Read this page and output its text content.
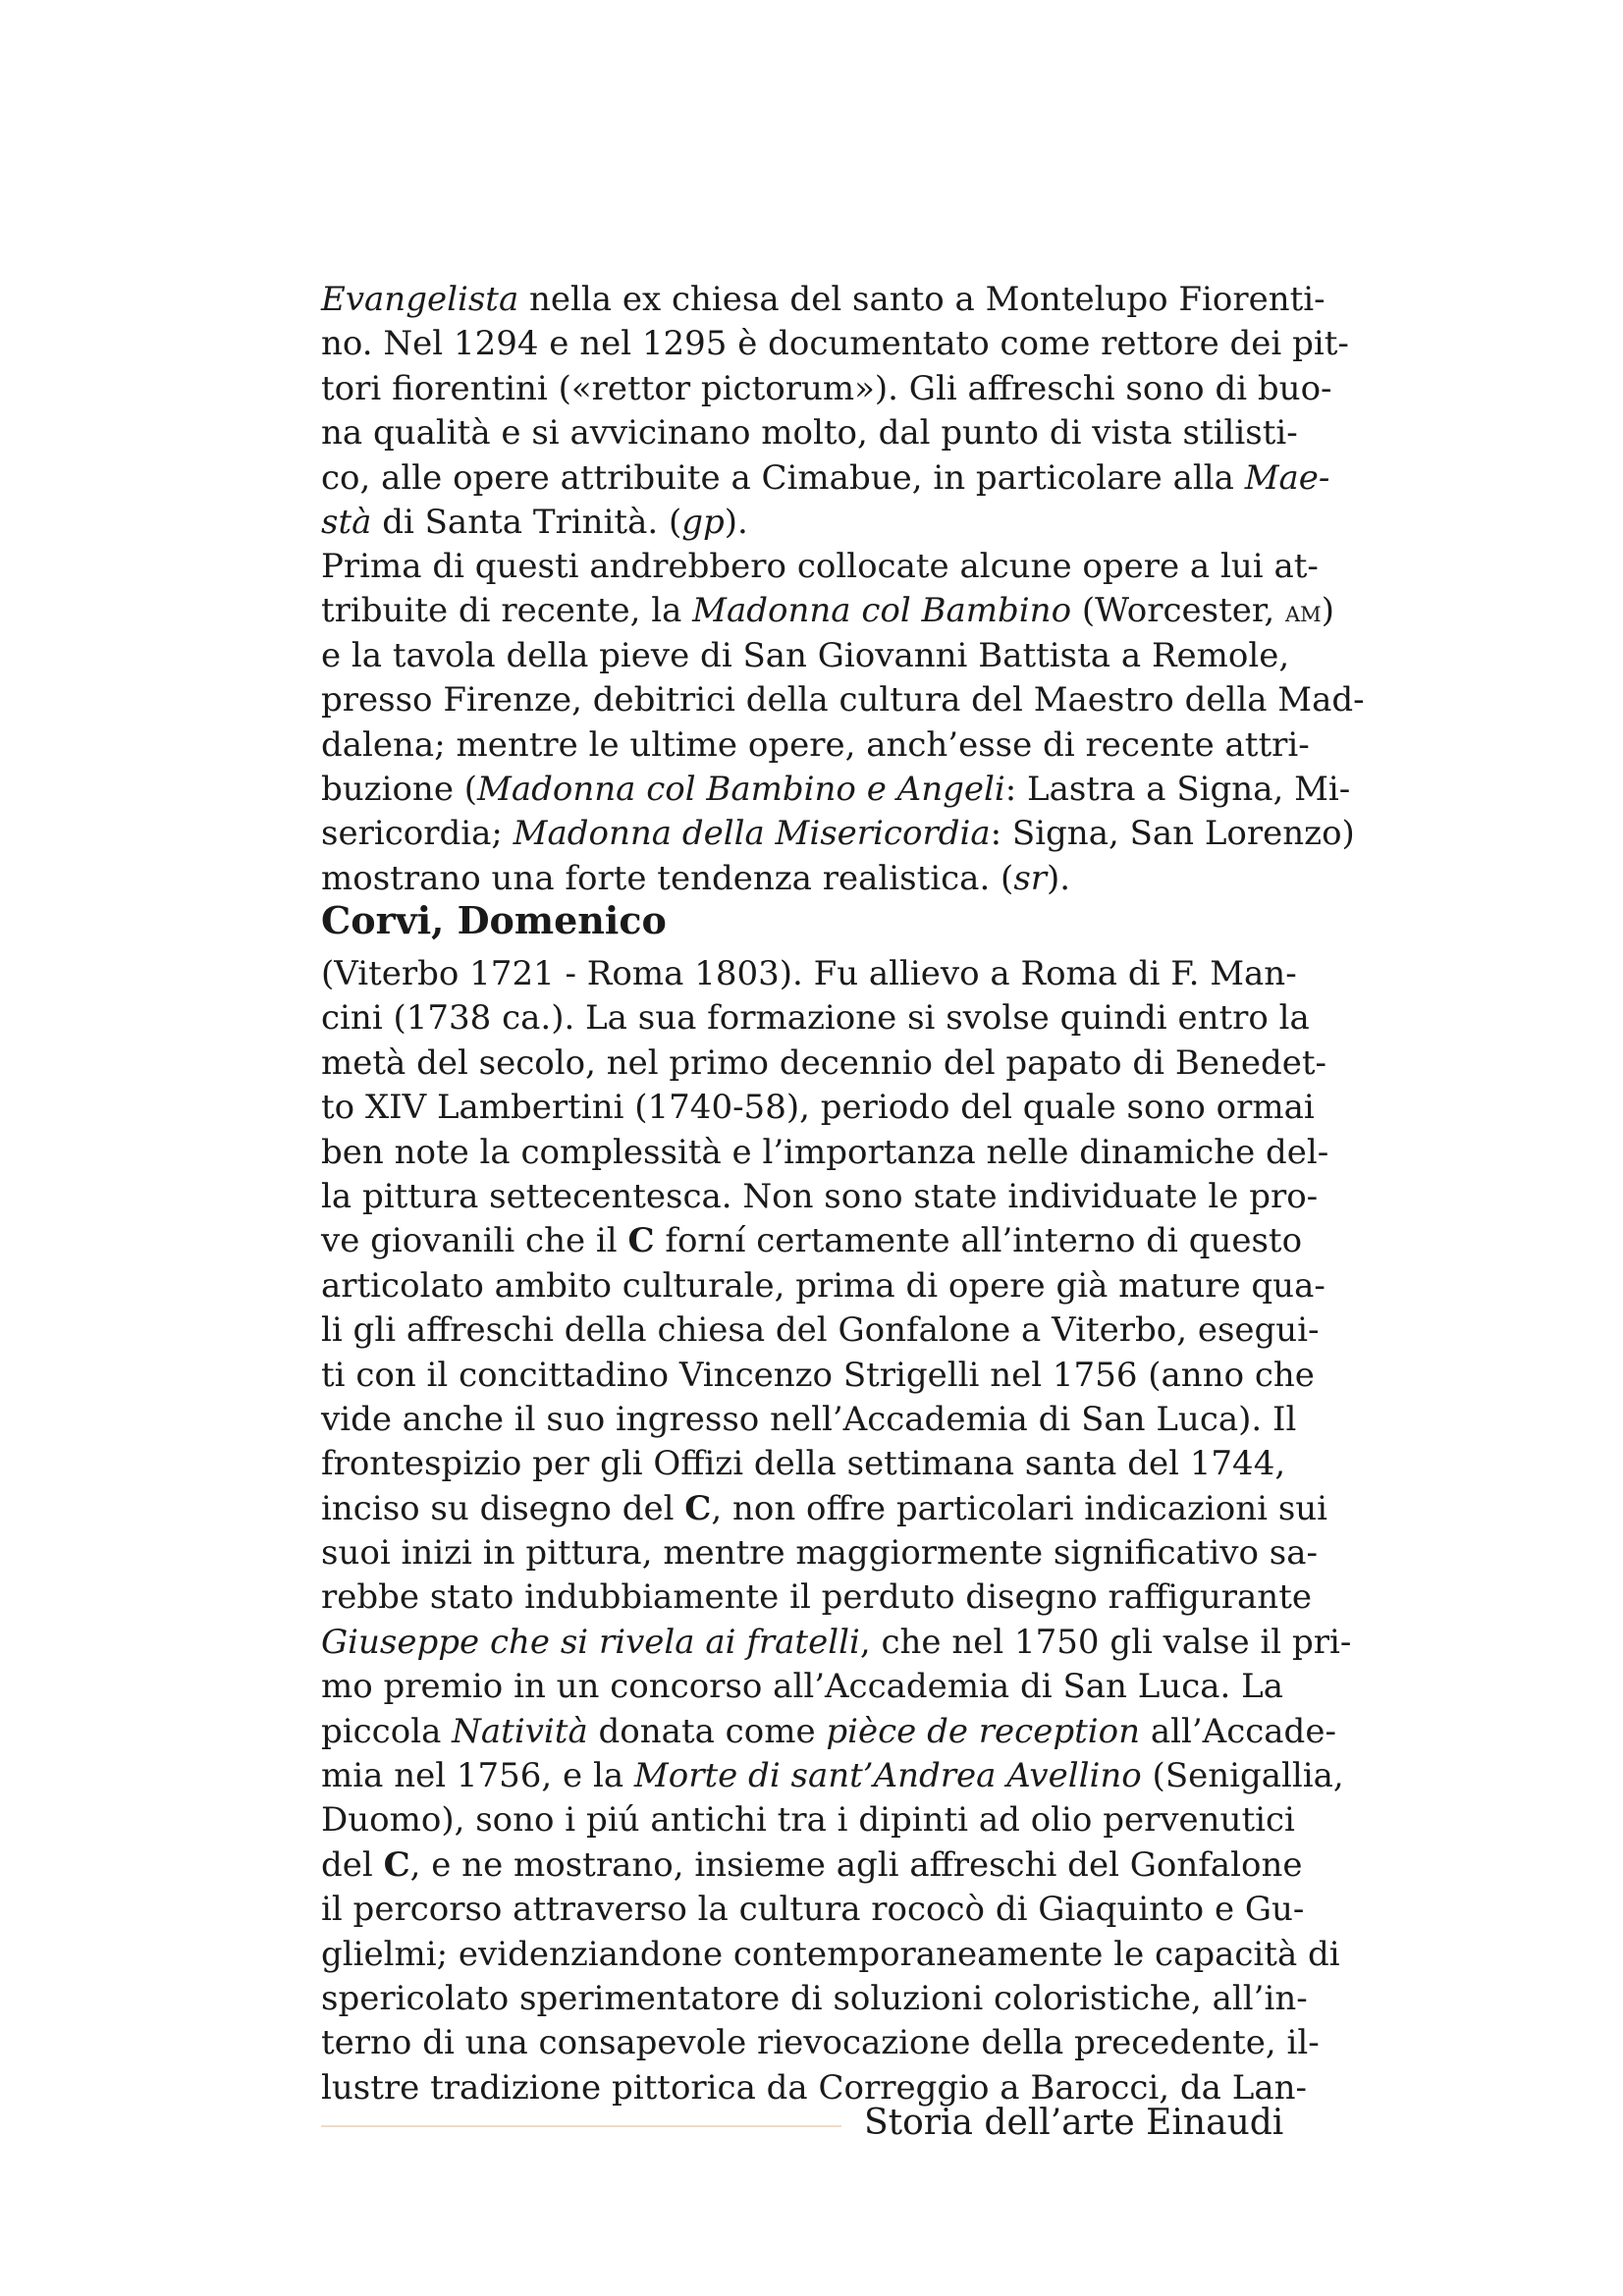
Evangelista nella ex chiesa del santo a Montelupo Fiorenti-
no. Nel 1294 e nel 1295 è documentato come rettore dei pit-
tori fiorentini («rettor pictorum»). Gli affreschi sono di buo-
na qualità e si avvicinano molto, dal punto di vista stilisti-
co, alle opere attribuite a Cimabue, in particolare alla Mae-
stà di Santa Trinità. (gp).
Prima di questi andrebbero collocate alcune opere a lui at-
tribuite di recente, la Madonna col Bambino (Worcester, am)
e la tavola della pieve di San Giovanni Battista a Remole,
presso Firenze, debitrici della cultura del Maestro della Mad-
dalena; mentre le ultime opere, anch’esse di recente attri-
buzione (Madonna col Bambino e Angeli: Lastra a Signa, Mi-
sericordia; Madonna della Misericordia: Signa, San Lorenzo)
mostrano una forte tendenza realistica. (sr).
Corvi, Domenico
(Viterbo 1721 - Roma 1803). Fu allievo a Roma di F. Man-
cini (1738 ca.). La sua formazione si svolse quindi entro la
metà del secolo, nel primo decennio del papato di Benedet-
to XIV Lambertini (1740-58), periodo del quale sono ormai
ben note la complessità e l’importanza nelle dinamiche del-
la pittura settecentesca. Non sono state individuate le pro-
ve giovanili che il C forní certamente all’interno di questo
articolato ambito culturale, prima di opere già mature qua-
li gli affreschi della chiesa del Gonfalone a Viterbo, esegui-
ti con il concittadino Vincenzo Strigelli nel 1756 (anno che
vide anche il suo ingresso nell’Accademia di San Luca). Il
frontespizio per gli Offizi della settimana santa del 1744,
inciso su disegno del C, non offre particolari indicazioni sui
suoi inizi in pittura, mentre maggiormente significativo sa-
rebbe stato indubbiamente il perduto disegno raffigurante
Giuseppe che si rivela ai fratelli, che nel 1750 gli valse il pri-
mo premio in un concorso all’Accademia di San Luca. La
piccola Natività donata come pièce de reception all’Accade-
mia nel 1756, e la Morte di sant’Andrea Avellino (Senigallia,
Duomo), sono i piú antichi tra i dipinti ad olio pervenutici
del C, e ne mostrano, insieme agli affreschi del Gonfalone
il percorso attraverso la cultura rococò di Giaquinto e Gu-
glielmi; evidenziandone contemporaneamente le capacità di
spericolato sperimentatore di soluzioni coloristiche, all’in-
terno di una consapevole rievocazione della precedente, il-
lustre tradizione pittorica da Correggio a Barocci, da Lan-
Storia dell’arte Einaudi
